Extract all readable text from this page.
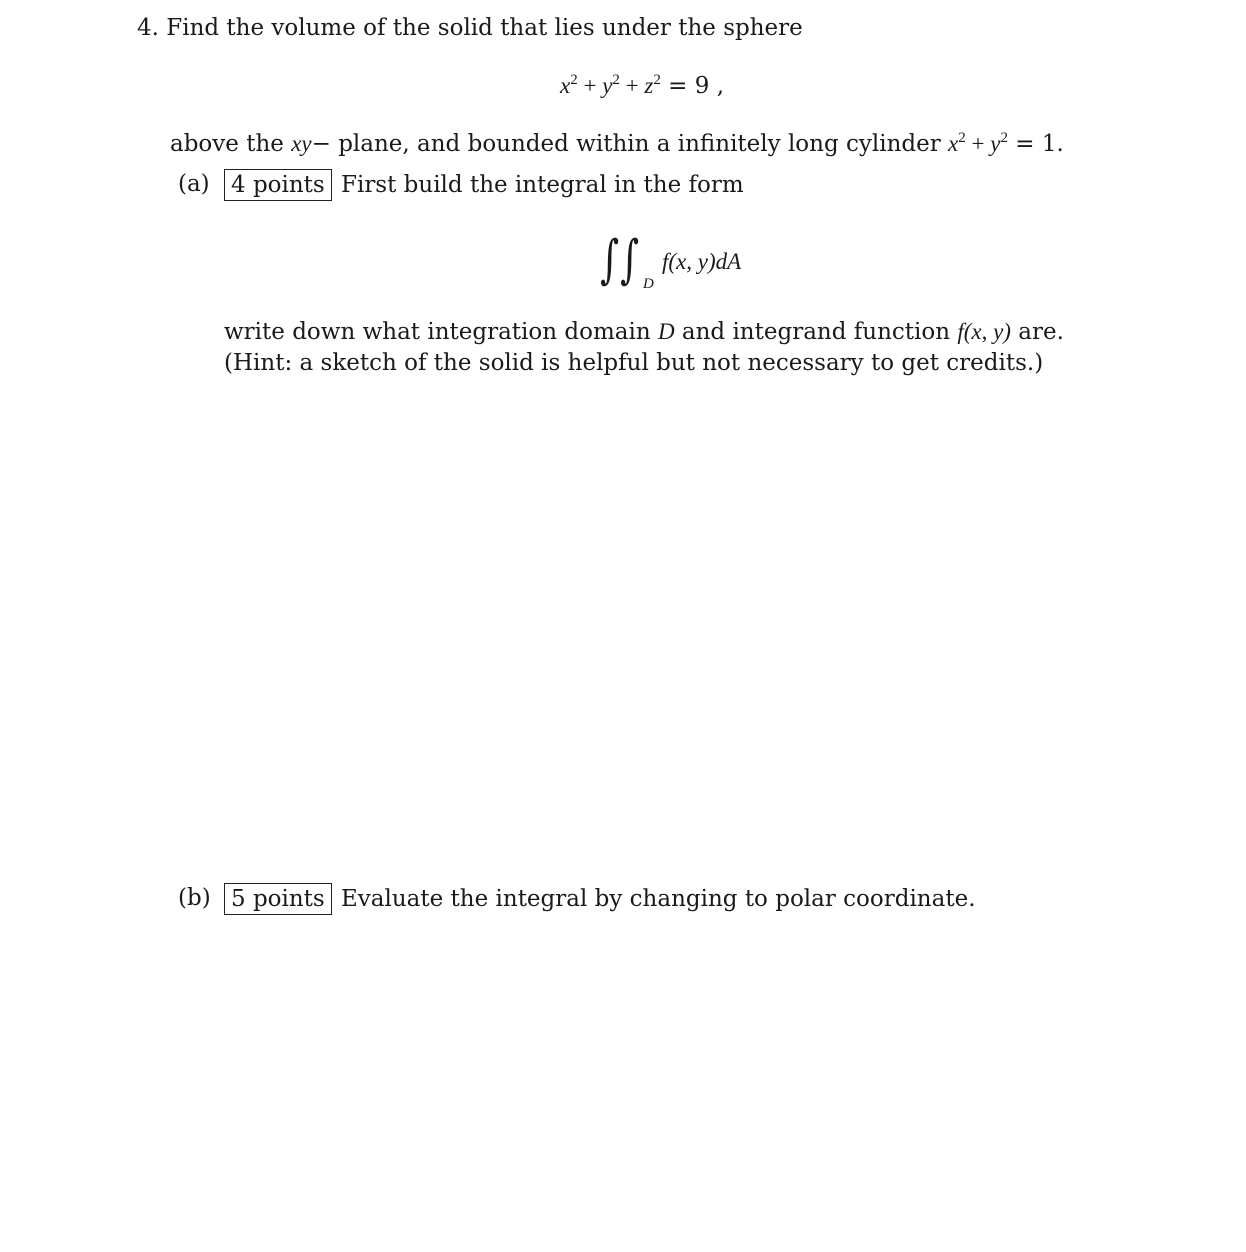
4. Find the volume of the solid that lies under the sphere
$x^2 + y^2 + z^2 = 9$ ,
above the xy− plane, and bounded within a infinitely long cylinder $x^2 + y^2 = 1$.
(a) 4 points First build the integral in the form
∫ ∫ D
f(x, y)dA
write down what integration domain D and integrand function f(x, y) are.
(Hint: a sketch of the solid is helpful but not necessary to get credits.)
(b) 5 points Evaluate the integral by changing to polar coordinate.
